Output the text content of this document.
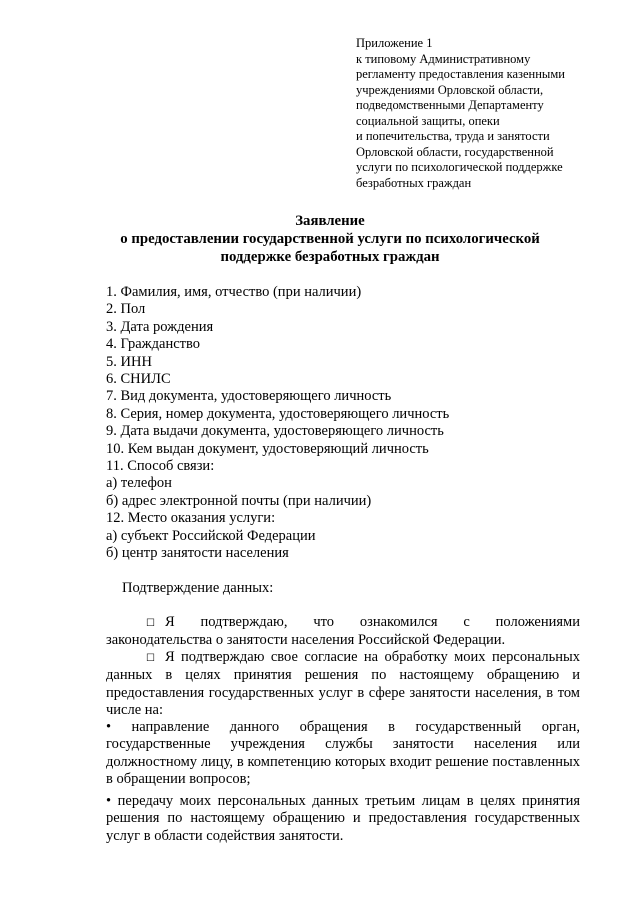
Приложение 1
к типовому Административному
регламенту предоставления казенными
учреждениями Орловской области,
подведомственными Департаменту
социальной защиты, опеки
и попечительства, труда и занятости
Орловской области, государственной
услуги по психологической поддержке
безработных граждан
Заявление
о предоставлении государственной услуги по психологической
поддержке безработных граждан
1. Фамилия, имя, отчество (при наличии)
2. Пол
3. Дата рождения
4. Гражданство
5. ИНН
6. СНИЛС
7. Вид документа, удостоверяющего личность
8. Серия, номер документа, удостоверяющего личность
9. Дата выдачи документа, удостоверяющего личность
10. Кем выдан документ, удостоверяющий личность
11. Способ связи:
а) телефон
б) адрес электронной почты (при наличии)
12. Место оказания услуги:
а) субъект Российской Федерации
б) центр занятости населения
Подтверждение данных:
☐ Я подтверждаю, что ознакомился с положениями
законодательства о занятости населения Российской Федерации.
☐ Я подтверждаю свое согласие на обработку моих персональных данных в целях принятия решения по настоящему обращению и предоставления государственных услуг в сфере занятости населения, в том числе на:
• направление данного обращения в государственный орган, государственные учреждения службы занятости населения или должностному лицу, в компетенцию которых входит решение поставленных в обращении вопросов;
• передачу моих персональных данных третьим лицам в целях принятия решения по настоящему обращению и предоставления государственных услуг в области содействия занятости.
